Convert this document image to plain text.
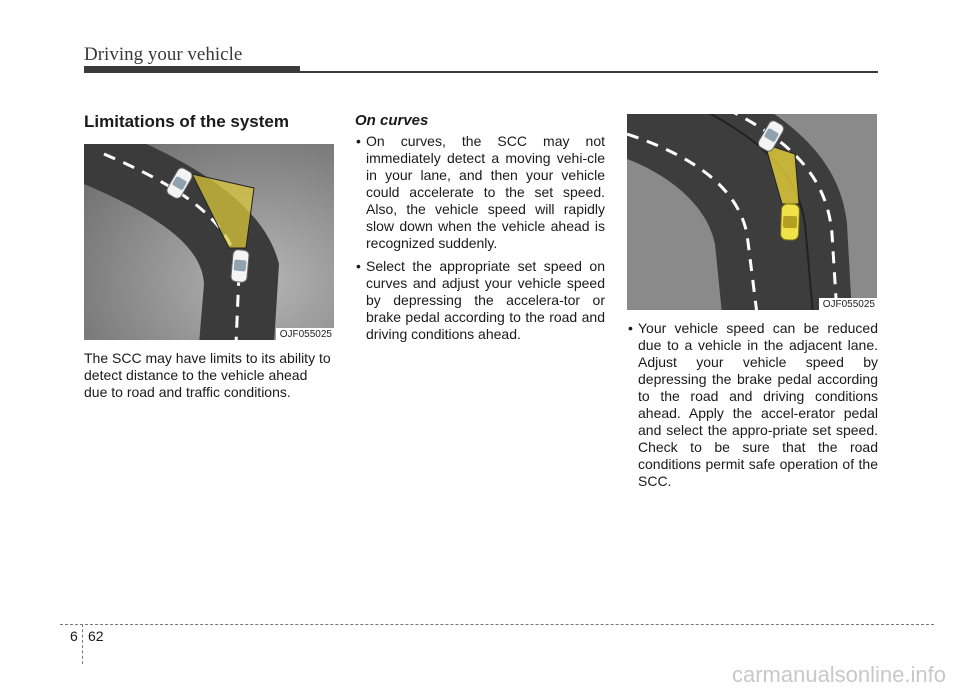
Driving your vehicle
Limitations of the system
OJF055025

The SCC may have limits to its ability to detect distance to the vehicle ahead due to road and traffic conditions.

On curves
• On curves, the SCC may not immediately detect a moving vehi-cle in your lane, and then your vehicle could accelerate to the set speed. Also, the vehicle speed will rapidly slow down when the vehicle ahead is recognized suddenly.
• Select the appropriate set speed on curves and adjust your vehicle speed by depressing the accelera-tor or brake pedal according to the road and driving conditions ahead.
OJF055025
• Your vehicle speed can be reduced due to a vehicle in the adjacent lane. Adjust your vehicle speed by depressing the brake pedal according to the road and driving conditions ahead. Apply the accel-erator pedal and select the appro-priate set speed. Check to be sure that the road conditions permit safe operation of the SCC.
6 62
carmanualsonline.info
